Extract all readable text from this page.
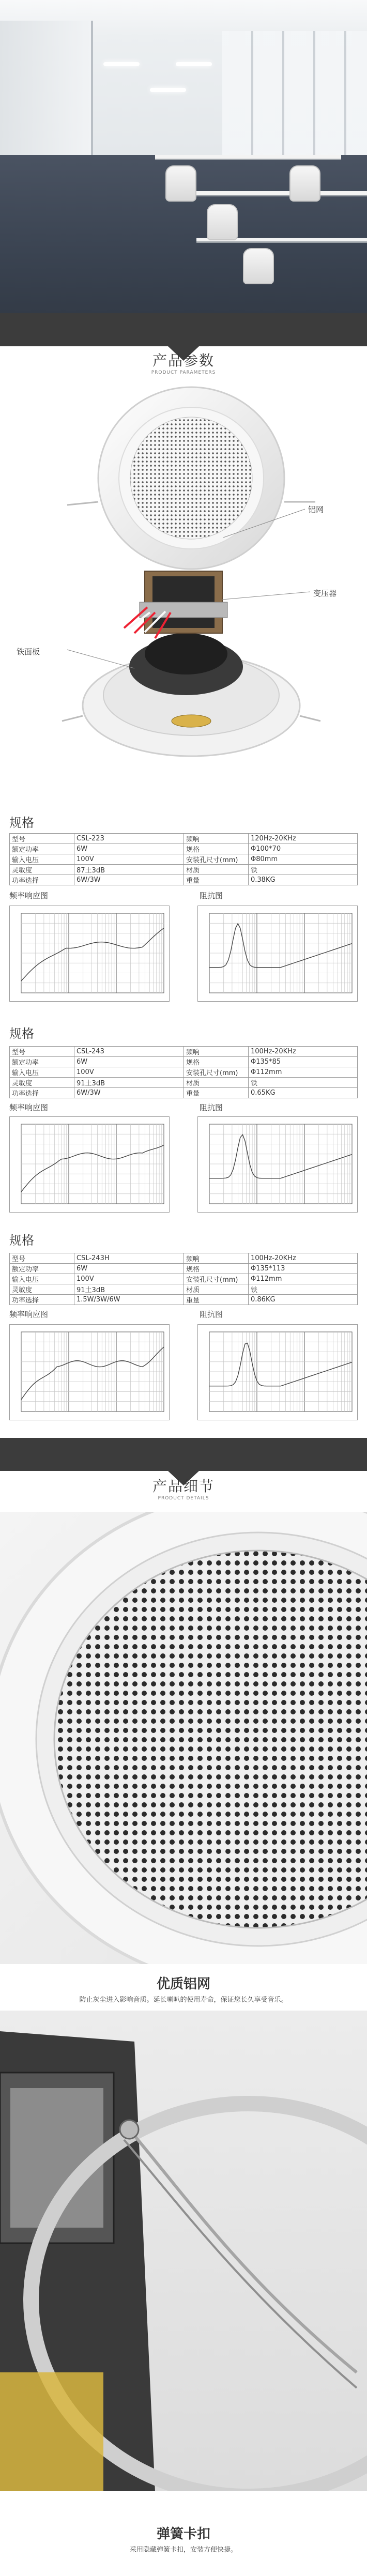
产品参数
PRODUCT PARAMETERS
铝网
变压器
铁面板
规格
型号	CSL-223	频响	120Hz-20KHz
额定功率	6W	规格	Φ100*70
输入电压	100V	安装孔尺寸(mm)	Φ80mm
灵敏度	87土3dB	材质	铁
功率选择	6W/3W	重量	0.38KG
频率响应图	阻抗图
规格
型号	CSL-243	频响	100Hz-20KHz
额定功率	6W	规格	Φ135*85
输入电压	100V	安装孔尺寸(mm)	Φ112mm
灵敏度	91土3dB	材质	铁
功率选择	6W/3W	重量	0.65KG
频率响应图	阻抗图
规格
型号	CSL-243H	频响	100Hz-20KHz
额定功率	6W	规格	Φ135*113
输入电压	100V	安装孔尺寸(mm)	Φ112mm
灵敏度	91土3dB	材质	铁
功率选择	1.5W/3W/6W	重量	0.86KG
频率响应图	阻抗图
产品细节
PRODUCT DETAILS
优质铝网
防止灰尘进入影响音质。延长喇叭的使用寿命，保证您长久享受音乐。
弹簧卡扣
采用隐藏弹簧卡扣，安装方便快捷。
